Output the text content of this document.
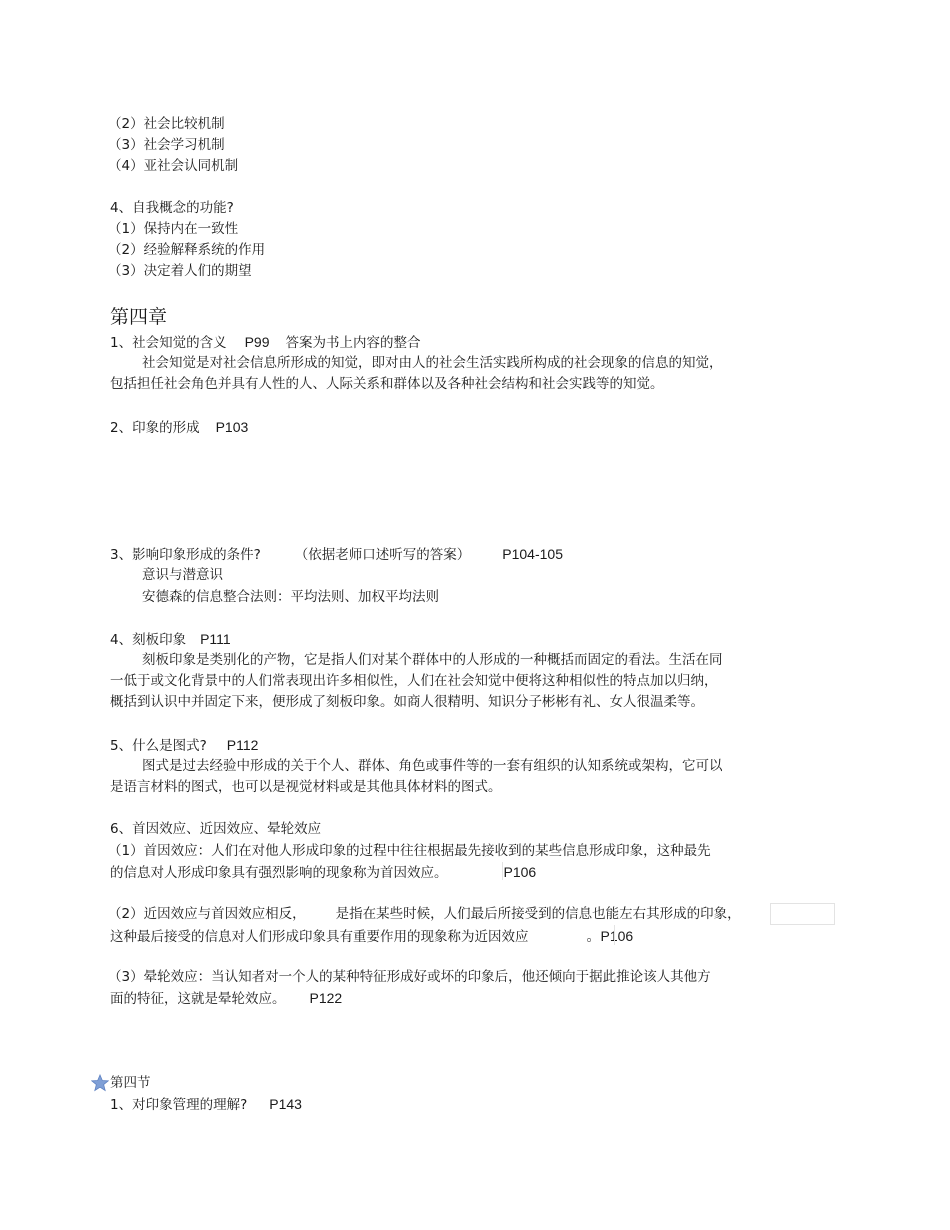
（2）社会比较机制

（3）社会学习机制

（4）亚社会认同机制

4、自我概念的功能?

（1）保持内在一致性

（2）经验解释系统的作用

（3）决定着人们的期望

第四章

1、社会知觉的含义 P99 答案为书上内容的整合

社会知觉是对社会信息所形成的知觉，即对由人的社会生活实践所构成的社会现象的信息的知觉，

包括担任社会角色并具有人性的人、人际关系和群体以及各种社会结构和社会实践等的知觉。

2、印象的形成 P103

3、影响印象形成的条件?	（依据老师口述听写的答案） P104-105

意识与潜意识

安德森的信息整合法则：平均法则、加权平均法则

4、刻板印象 P111

刻板印象是类别化的产物，它是指人们对某个群体中的人形成的一种概括而固定的看法。生活在同

一低于或文化背景中的人们常表现出许多相似性，人们在社会知觉中便将这种相似性的特点加以归纳，

概括到认识中并固定下来，便形成了刻板印象。如商人很精明、知识分子彬彬有礼、女人很温柔等。

5、什么是图式? P112

图式是过去经验中形成的关于个人、群体、角色或事件等的一套有组织的认知系统或架构，它可以

是语言材料的图式，也可以是视觉材料或是其他具体材料的图式。

6、首因效应、近因效应、晕轮效应

（1）首因效应：人们在对他人形成印象的过程中往往根据最先接收到的某些信息形成印象，这种最先

的信息对人形成印象具有强烈影响的现象称为首因效应。	P106

（2）近因效应与首因效应相反， 是指在某些时候，人们最后所接受到的信息也能左右其形成的印象，

这种最后接受的信息对人们形成印象具有重要作用的现象称为近因效应	。P106

（3）晕轮效应：当认知者对一个人的某种特征形成好或坏的印象后，他还倾向于据此推论该人其他方

面的特征，这就是晕轮效应。 P122

第四节

1、对印象管理的理解? P143
